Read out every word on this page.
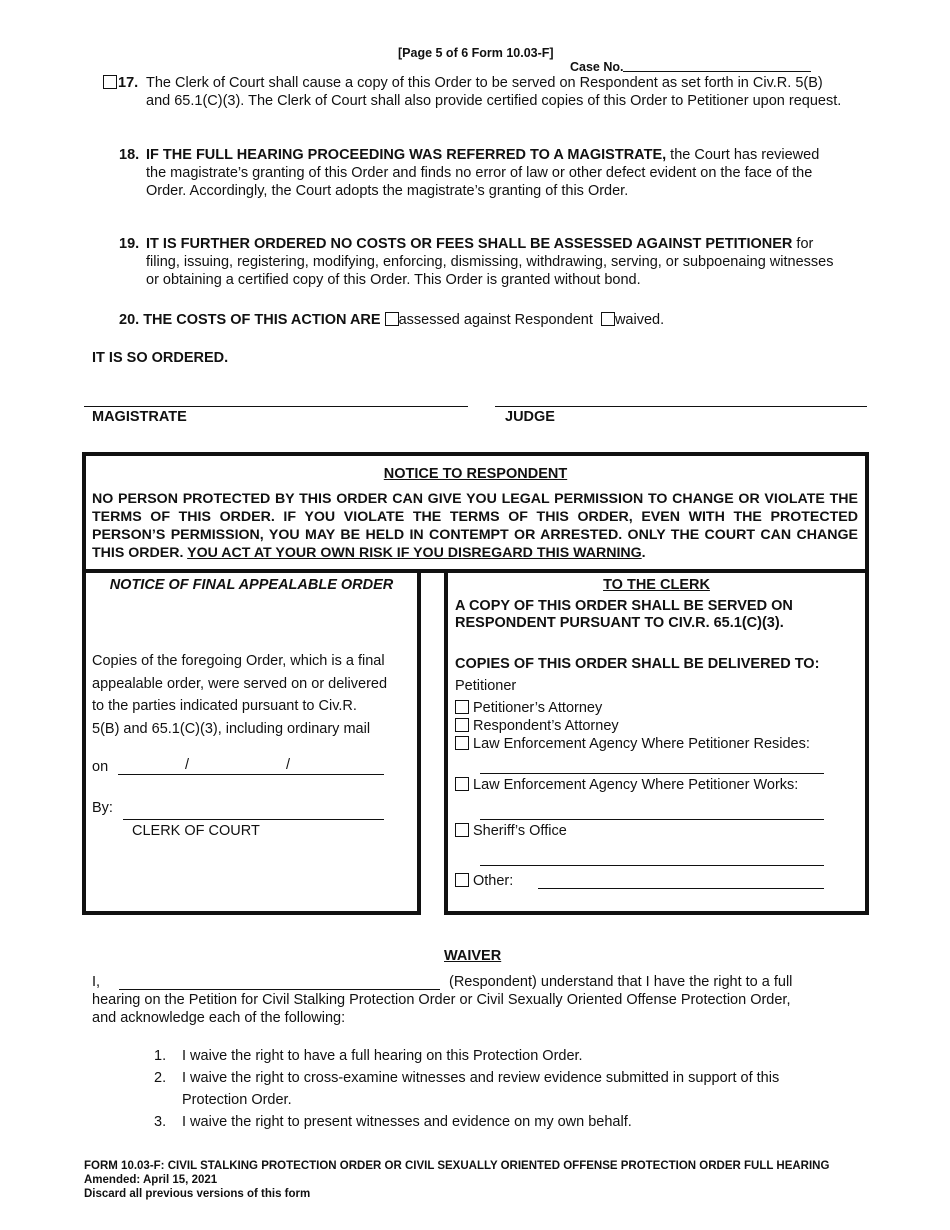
[Page 5 of 6 Form 10.03-F]
Case No.
17. The Clerk of Court shall cause a copy of this Order to be served on Respondent as set forth in Civ.R. 5(B) and 65.1(C)(3). The Clerk of Court shall also provide certified copies of this Order to Petitioner upon request.
18. IF THE FULL HEARING PROCEEDING WAS REFERRED TO A MAGISTRATE, the Court has reviewed the magistrate’s granting of this Order and finds no error of law or other defect evident on the face of the Order. Accordingly, the Court adopts the magistrate’s granting of this Order.
19. IT IS FURTHER ORDERED NO COSTS OR FEES SHALL BE ASSESSED AGAINST PETITIONER for filing, issuing, registering, modifying, enforcing, dismissing, withdrawing, serving, or subpoenaing witnesses or obtaining a certified copy of this Order. This Order is granted without bond.
20. THE COSTS OF THIS ACTION ARE assessed against Respondent waived.
IT IS SO ORDERED.
MAGISTRATE	JUDGE
NOTICE TO RESPONDENT
NO PERSON PROTECTED BY THIS ORDER CAN GIVE YOU LEGAL PERMISSION TO CHANGE OR VIOLATE THE TERMS OF THIS ORDER. IF YOU VIOLATE THE TERMS OF THIS ORDER, EVEN WITH THE PROTECTED PERSON’S PERMISSION, YOU MAY BE HELD IN CONTEMPT OR ARRESTED. ONLY THE COURT CAN CHANGE THIS ORDER. YOU ACT AT YOUR OWN RISK IF YOU DISREGARD THIS WARNING.
NOTICE OF FINAL APPEALABLE ORDER
Copies of the foregoing Order, which is a final
appealable order, were served on or delivered
to the parties indicated pursuant to Civ.R.
5(B) and 65.1(C)(3), including ordinary mail
on	/	/
By:
CLERK OF COURT
TO THE CLERK
A COPY OF THIS ORDER SHALL BE SERVED ON
RESPONDENT PURSUANT TO CIV.R. 65.1(C)(3).
COPIES OF THIS ORDER SHALL BE DELIVERED TO:
Petitioner
Petitioner’s Attorney
Respondent’s Attorney
Law Enforcement Agency Where Petitioner Resides:
Law Enforcement Agency Where Petitioner Works:
Sheriff’s Office
Other:
WAIVER
I,	(Respondent) understand that I have the right to a full
hearing on the Petition for Civil Stalking Protection Order or Civil Sexually Oriented Offense Protection Order,
and acknowledge each of the following:
1. I waive the right to have a full hearing on this Protection Order.
2. I waive the right to cross-examine witnesses and review evidence submitted in support of this
Protection Order.
3. I waive the right to present witnesses and evidence on my own behalf.
FORM 10.03-F: CIVIL STALKING PROTECTION ORDER OR CIVIL SEXUALLY ORIENTED OFFENSE PROTECTION ORDER FULL HEARING
Amended: April 15, 2021
Discard all previous versions of this form
